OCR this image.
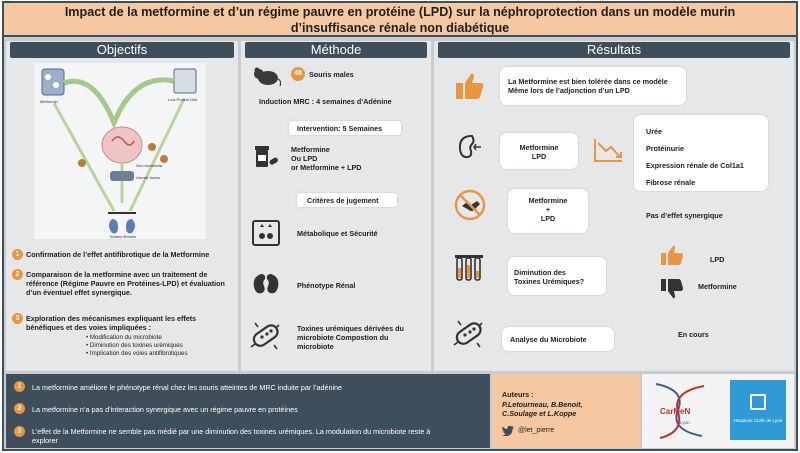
Impact de la metformine et d’un régime pauvre en protéine (LPD) sur la néphroprotection dans un modèle murin
d’insuffisance rénale non diabétique
Objectifs
Metformin	Low Protein Diet
Gut microbiota
Uremic toxins
Kidney fibrosis
1 Confirmation de l’effet antifibrotique de la Metformine
2 Comparaison de la metformine avec un traitement de référence (Régime Pauvre en Protéines-LPD) et évaluation d’un éventuel effet synergique.
3 Exploration des mécanismes expliquant les effets bénéfiques et des voies impliquées :
• Modification du microbiote
• Diminution des toxines urémiques
• Implication des voies antifibrotiques
Méthode
48 Souris males
Induction MRC : 4 semaines d’Adénine
Intervention: 5 Semaines
Metformine
Ou LPD
or Metformine + LPD
Critères de jugement
Métabolique et Sécurité
Phénotype Rénal
Toxines urémiques dérivées du microbiote Compostion du microbiote
Résultats
La Metformine est bien tolérée dans ce modèle
Même lors de l’adjonction d’un LPD
Metformine
LPD
Urée
Protéinurie
Expression rénale de Col1a1
Fibrose rénale
Metformine
+
LPD	Pas d’effet synergique
Diminution des
Toxines Urémiques?
LPD
Metformine
Analyse du Microbiote
En cours
1	La metformine améliore le phénotype rénal chez les souris atteintes de MRC induite par l’adénine
2	La metformine n’a pas d’interaction synergique avec un régime pauvre en protéines
3	L’effet de la Metformine ne semble pas médié par une diminution des toxines urémiques. La modulation du microbiote reste à explorer
Auteurs :
P.Letourneau, B.Benoit,
C.Soulage et L.Koppe
@let_pierre
CarMeN
Lyon	Hospices Civils de Lyon
